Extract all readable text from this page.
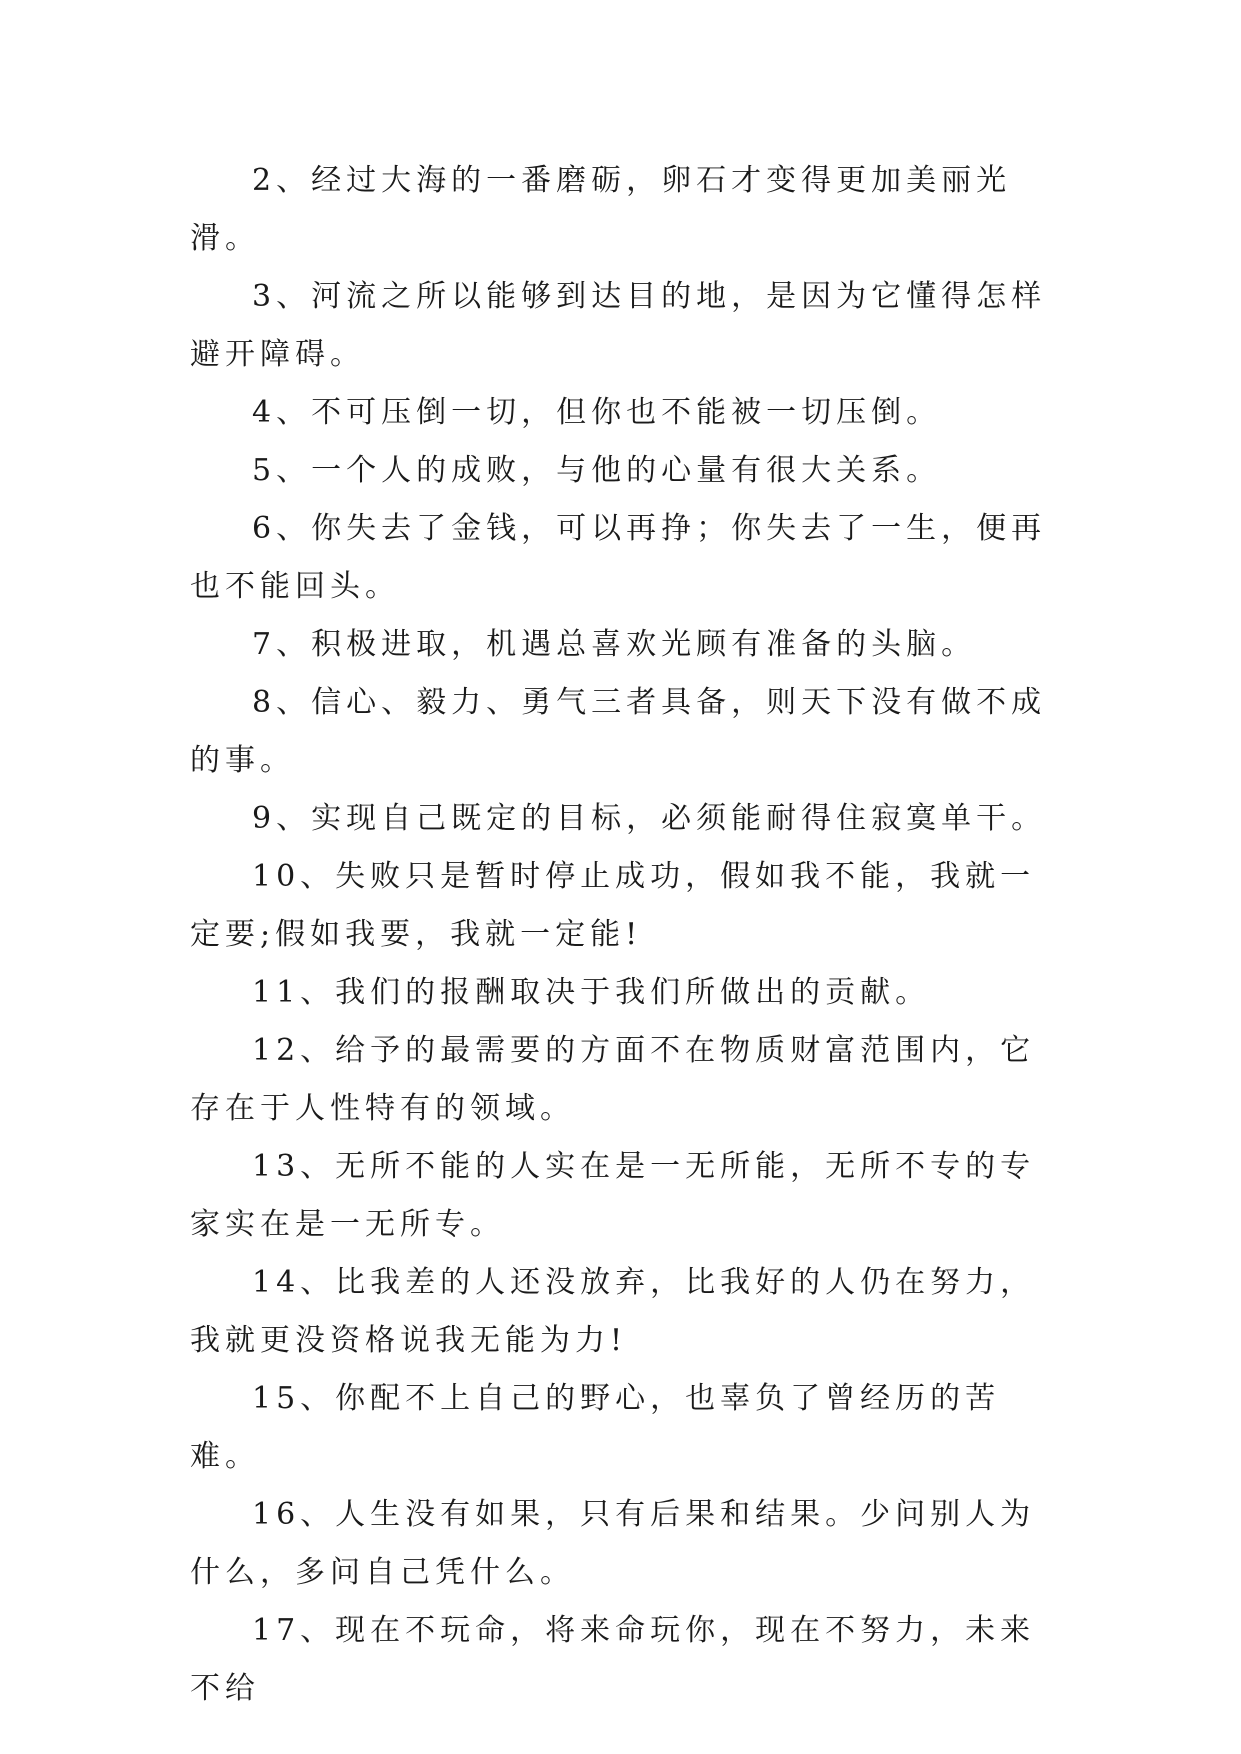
2、经过大海的一番磨砺，卵石才变得更加美丽光滑。

3、河流之所以能够到达目的地，是因为它懂得怎样避开障碍。

4、不可压倒一切，但你也不能被一切压倒。

5、一个人的成败，与他的心量有很大关系。

6、你失去了金钱，可以再挣；你失去了一生，便再也不能回头。

7、积极进取，机遇总喜欢光顾有准备的头脑。

8、信心、毅力、勇气三者具备，则天下没有做不成的事。

9、实现自己既定的目标，必须能耐得住寂寞单干。

10、失败只是暂时停止成功，假如我不能，我就一定要;假如我要，我就一定能!

11、我们的报酬取决于我们所做出的贡献。

12、给予的最需要的方面不在物质财富范围内，它存在于人性特有的领域。

13、无所不能的人实在是一无所能，无所不专的专家实在是一无所专。

14、比我差的人还没放弃，比我好的人仍在努力，我就更没资格说我无能为力!

15、你配不上自己的野心，也辜负了曾经历的苦难。

16、人生没有如果，只有后果和结果。少问别人为什么，多问自己凭什么。

17、现在不玩命，将来命玩你，现在不努力，未来不给
